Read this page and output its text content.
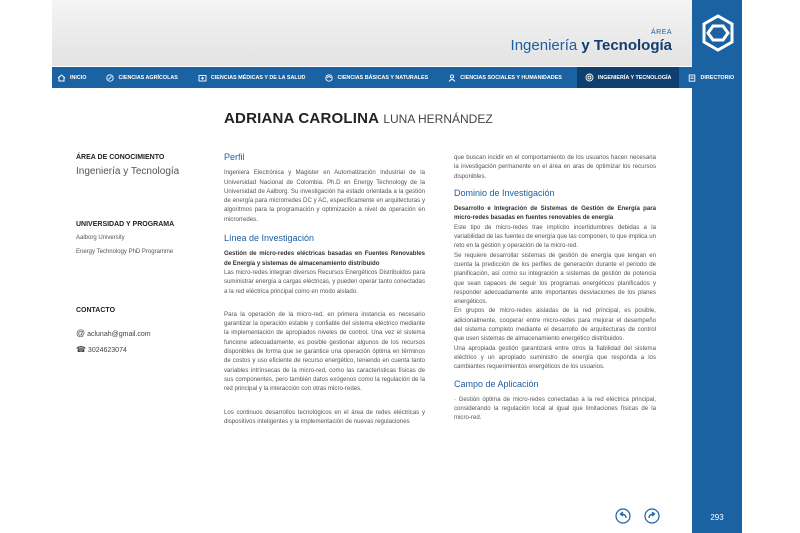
ÁREA
Ingeniería y Tecnología
293
INICIO	CIENCIAS AGRÍCOLAS	CIENCIAS MÉDICAS Y DE LA SALUD	CIENCIAS BÁSICAS Y NATURALES	CIENCIAS SOCIALES Y HUMANIDADES	INGENIERÍA Y TECNOLOGÍA	DIRECTORIO
ADRIANA CAROLINA LUNA HERNÁNDEZ
ÁREA DE CONOCIMIENTO
Ingeniería y Tecnología
UNIVERSIDAD Y PROGRAMA
Aalborg University
Energy Technology PhD Programme
CONTACTO
@ aclunah@gmail.com
☎ 3024623074
Perfil

Ingeniera Electrónica y Magister en Automatización Industrial de la Universidad Nacional de Colombia. Ph.D en Energy Technology de la Universidad de Aalborg. Su investigación ha estado orientada a la gestión de energía para microrredes DC y AC, específicamente en arquitecturas y algoritmos para la programación y optimización a nivel de operación en microrredes.

Línea de Investigación
Gestión de micro-redes eléctricas basadas en Fuentes Renovables de Energía y sistemas de almacenamiento distribuido

Las micro-redes integran diversos Recursos Energéticos Distribuidos para suministrar energía a cargas eléctricas, y pueden operar tanto conectadas a la red eléctrica principal como en modo aislado.

Para la operación de la micro-red, en primera instancia es necesario garantizar la operación estable y confiable del sistema eléctrico mediante la implementación de apropiados niveles de control. Una vez el sistema funcione adecuadamente, es posible gestionar algunos de los recursos disponibles de forma que se garantice una operación óptima en términos de costos y uso eficiente de recurso energético, teniendo en cuenta tanto variables intrínsecas de la micro-red, como las características físicas de sus componentes, pero también datos exógenos como la regulación de la red principal y la interacción con otras micro-redes.

Los continuos desarrollos tecnológicos en el área de redes eléctricas y dispositivos inteligentes y la implementación de nuevas regulaciones

que buscan incidir en el comportamiento de los usuarios hacen necesaria la investigación permanente en el área en aras de optimizar los recursos disponibles.

Dominio de Investigación
Desarrollo e Integración de Sistemas de Gestión de Energía para micro-redes basadas en fuentes renovables de energía
Este tipo de micro-redes trae implícito incertidumbres debidas a la variabilidad de las fuentes de energía que las componen, lo que implica un reto en la gestión y operación de la micro-red.
Se requiere desarrollar sistemas de gestión de energía que tengan en cuenta la predicción de los perfiles de generación durante el periodo de planificación, así como su integración a sistemas de gestión de potencia que sean capaces de seguir los programas energéticos planificados y responder adecuadamente ante importantes desviaciones de los planes energéticos.
En grupos de micro-redes aisladas de la red principal, es posible, adicionalmente, cooperar entre micro-redes para mejorar el desempeño del sistema completo mediante el desarrollo de arquitecturas de control que usen sistemas de almacenamiento energético distribuidos.

Una apropiada gestión garantizará entre otros la fiabilidad del sistema eléctrico y un apropiado suministro de energía que responda a los cambiantes requerimientos energéticos de los usuarios.

Campo de Aplicación

· Gestión óptima de micro-redes conectadas a la red eléctrica principal, considerando la regulación local al igual que limitaciones físicas de la micro-red.
